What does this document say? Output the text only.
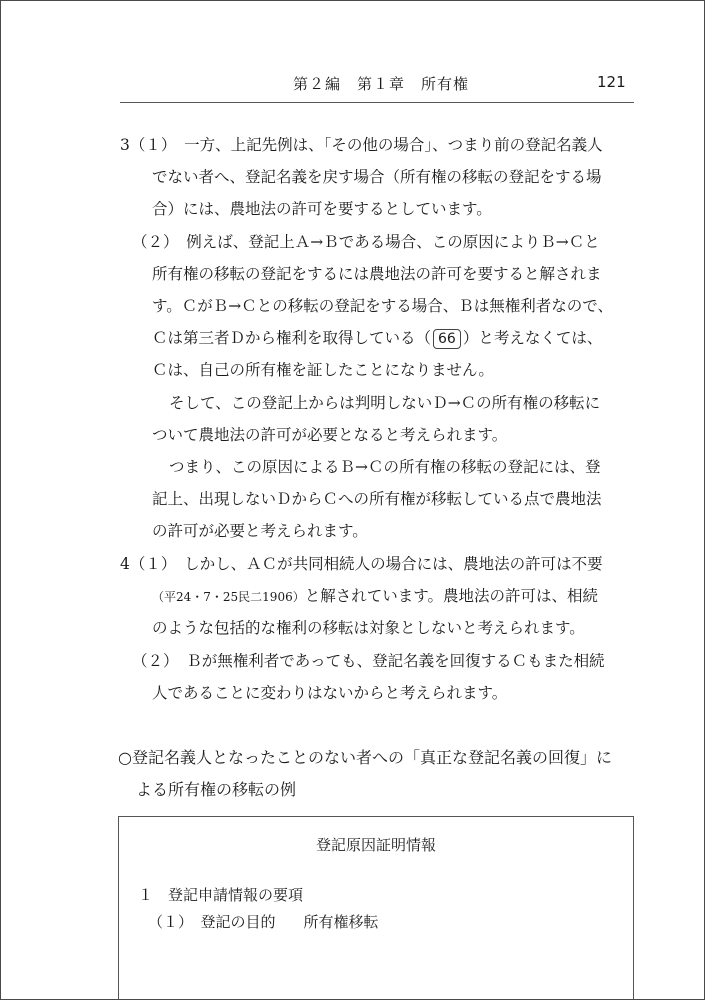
第２編　第１章　所有権	121
3（１）　一方、上記先例は、「その他の場合」、つまり前の登記名義人
でない者へ、登記名義を戻す場合（所有権の移転の登記をする場
合）には、農地法の許可を要するとしています。
（２）　例えば、登記上Ａ→Ｂである場合、この原因によりＢ→Ｃと
所有権の移転の登記をするには農地法の許可を要すると解されま
す。ＣがＢ→Ｃとの移転の登記をする場合、Ｂは無権利者なので、
Ｃは第三者Ｄから権利を取得している（ 66 ）と考えなくては、
Ｃは、自己の所有権を証したことになりません。
そして、この登記上からは判明しないＤ→Ｃの所有権の移転に
ついて農地法の許可が必要となると考えられます。
つまり、この原因によるＢ→Ｃの所有権の移転の登記には、登
記上、出現しないＤからＣへの所有権が移転している点で農地法
の許可が必要と考えられます。
4（１）　しかし、ＡＣが共同相続人の場合には、農地法の許可は不要
（平24・7・25民二1906）と解されています。農地法の許可は、相続
のような包括的な権利の移転は対象としないと考えられます。
（２）　Ｂが無権利者であっても、登記名義を回復するＣもまた相続
人であることに変わりはないからと考えられます。
○登記名義人となったことのない者への「真正な登記名義の回復」に
よる所有権の移転の例
登記原因証明情報
１　登記申請情報の要項
（１）　登記の目的 所有権移転
